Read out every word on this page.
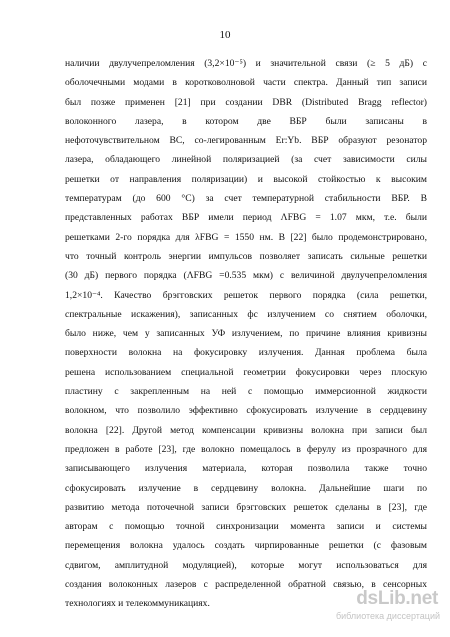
10
наличии двулучепреломления (3,2×10⁻⁵) и значительной связи (≥ 5 дБ) с
оболочечными модами в коротковолновой части спектра. Данный тип записи
был позже применен [21] при создании DBR (Distributed Bragg reflector)
волоконного лазера, в котором две ВБР были записаны в
нефоточувствительном ВС, со-легированным Er:Yb. ВБР образуют резонатор
лазера, обладающего линейной поляризацией (за счет зависимости силы
решетки от направления поляризации) и высокой стойкостью к высоким
температурам (до 600 °С) за счет температурной стабильности ВБР. В
представленных работах ВБР имели период ΛFBG = 1.07 мкм, т.е. были
решетками 2-го порядка для λFBG = 1550 нм. В [22] было продемонстрировано,
что точный контроль энергии импульсов позволяет записать сильные решетки
(30 дБ) первого порядка (ΛFBG =0.535 мкм) с величиной двулучепреломления
1,2×10⁻⁴. Качество брэгговских решеток первого порядка (сила решетки,
спектральные искажения), записанных фс излучением со снятием оболочки,
было ниже, чем у записанных УФ излучением, по причине влияния кривизны
поверхности волокна на фокусировку излучения. Данная проблема была
решена использованием специальной геометрии фокусировки через плоскую
пластину с закрепленным на ней с помощью иммерсионной жидкости
волокном, что позволило эффективно сфокусировать излучение в сердцевину
волокна [22]. Другой метод компенсации кривизны волокна при записи был
предложен в работе [23], где волокно помещалось в ферулу из прозрачного для
записывающего излучения материала, которая позволила также точно
сфокусировать излучение в сердцевину волокна. Дальнейшие шаги по
развитию метода поточечной записи брэгговских решеток сделаны в [23], где
авторам с помощью точной синхронизации момента записи и системы
перемещения волокна удалось создать чирпированные решетки (с фазовым
сдвигом, амплитудной модуляцией), которые могут использоваться для
создания волоконных лазеров с распределенной обратной связью, в сенсорных
технологиях и телекоммуникациях.	dsLib.net
библиотека диссертаций
